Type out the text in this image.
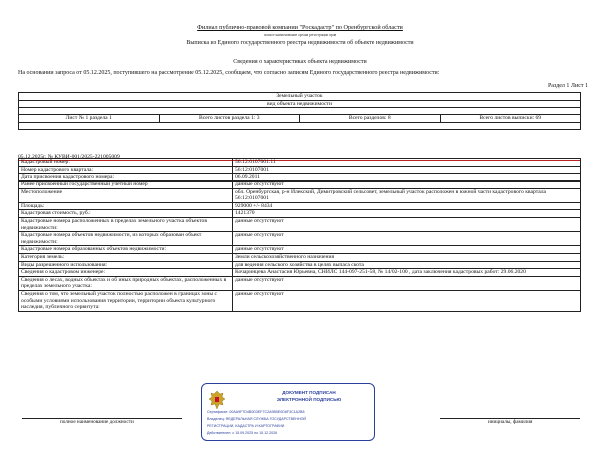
Филиал публично-правовой компании "Роскадастр" по Оренбургской области
полное наименование органа регистрации прав
Выписка из Единого государственного реестра недвижимости об объекте недвижимости
Сведения о характеристиках объекта недвижимости
На основании запроса от 05.12.2025, поступившего на рассмотрение 05.12.2025, сообщаем, что согласно записям Единого государственного реестра недвижимости:
Раздел 1 Лист 1
Земельный участок
вид объекта недвижимости

Лист № 1 раздела 1	Всего листов раздела 1: 3	Всего разделов: 8	Всего листов выписки: 69

05.12.2025г. № КУВИ-001/2025-221005009
Кадастровый номер:	56:12:0107001:11
Номер кадастрового квартала:	56:12:0107001
Дата присвоения кадастрового номера:	06.09.2011
Ранее присвоенный государственный учетный номер	данные отсутствуют
Местоположение	обл. Оренбургская, р-н Илекский, Димитровский сельсовет, земельный участок расположен в южной части кадастрового квартала 56:12:0107001
Площадь:	929000 +/- 8434
Кадастровая стоимость, руб.:	1421370
Кадастровые номера расположенных в пределах земельного участка объектов недвижимости:	данные отсутствуют
Кадастровые номера объектов недвижимости, из которых образован объект недвижимости:	данные отсутствуют
Кадастровые номера образованных объектов недвижимости:	данные отсутствуют
Категория земель:	Земли сельскохозяйственного назначения
Виды разрешенного использования:	для ведения сельского хозяйства в целях выпаса скота
Сведения о кадастровом инженере:	Кочаринцева Анастасия Юрьевна, СНИЛС 144-097-251-58, № 14/02-100 , дата заключения кадастровых работ: 29.06.2020
Сведения о лесах, водных объектах и об иных природных объектах, расположенных в пределах земельного участка:	данные отсутствуют
Сведения о том, что земельный участок полностью расположен в границах зоны с особыми условиями использования территории, территории объекта культурного наследия, публичного сервитута:	данные отсутствуют
полное наименование должности	инициалы, фамилия
ДОКУМЕНТ ПОДПИСАН
ЭЛЕКТРОННОЙ ПОДПИСЬЮ
Сертификат: 00AA9F7D4B0D3EF7C2A9B5E0D6F3C1A2B8
Владелец: ФЕДЕРАЛЬНАЯ СЛУЖБА ГОСУДАРСТВЕННОЙ
РЕГИСТРАЦИИ, КАДАСТРА И КАРТОГРАФИИ
Действителен: с 15.09.2025 по 15.12.2026
